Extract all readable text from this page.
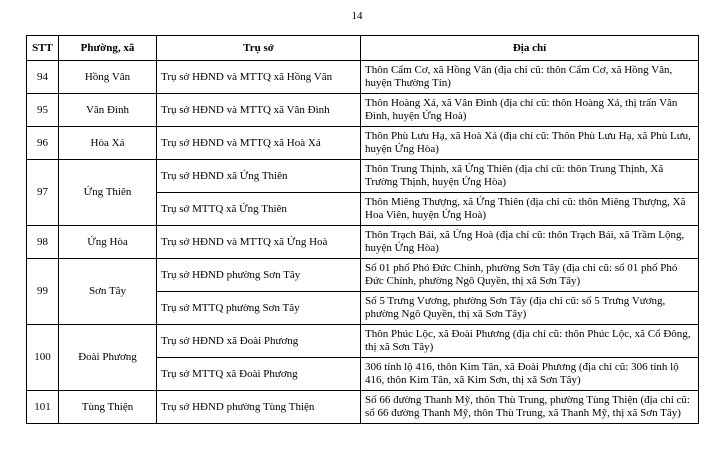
14
STT	Phường, xã	Trụ sở	Địa chỉ
94	Hồng Vân	Trụ sở HĐND và MTTQ xã Hồng Vân	Thôn Cẩm Cơ, xã Hồng Vân (địa chỉ cũ: thôn Cẩm Cơ, xã Hồng Vân, huyện Thường Tín)
95	Vân Đình	Trụ sở HĐND và MTTQ xã Vân Đình	Thôn Hoàng Xá, xã Vân Đình (địa chỉ cũ: thôn Hoàng Xá, thị trấn Vân Đình, huyện Ứng Hoà)
96	Hòa Xá	Trụ sở HĐND và MTTQ xã Hoà Xá	Thôn Phù Lưu Hạ, xã Hoà Xá (địa chỉ cũ: Thôn Phù Lưu Hạ, xã Phù Lưu, huyện Ứng Hòa)
97	Ứng Thiên	Trụ sở HĐND xã Ứng Thiên	Thôn Trung Thịnh, xã Ứng Thiên (địa chỉ cũ: thôn Trung Thịnh, Xã Trường Thịnh, huyện Ứng Hòa)
		Trụ sở MTTQ xã Ứng Thiên	Thôn Miêng Thượng, xã Ứng Thiên (địa chỉ cũ: thôn Miêng Thượng, Xã Hoa Viên, huyện Ứng Hoà)
98	Ứng Hòa	Trụ sở HĐND và MTTQ xã Ứng Hoà	Thôn Trạch Bái, xã Ứng Hoà (địa chỉ cũ: thôn Trạch Bái, xã Trầm Lộng, huyện Ứng Hòa)
99	Sơn Tây	Trụ sở HĐND phường Sơn Tây	Số 01 phố Phó Đức Chính, phường Sơn Tây (địa chỉ cũ: số 01 phố Phó Đức Chính, phường Ngô Quyền, thị xã Sơn Tây)
		Trụ sở MTTQ phường Sơn Tây	Số 5 Trưng Vương, phường Sơn Tây (địa chỉ cũ: số 5 Trưng Vương, phường Ngô Quyền, thị xã Sơn Tây)
100	Đoài Phương	Trụ sở HĐND xã Đoài Phương	Thôn Phúc Lộc, xã Đoài Phương (địa chỉ cũ: thôn Phúc Lộc, xã Cổ Đông, thị xã Sơn Tây)
		Trụ sở MTTQ xã Đoài Phương	306 tỉnh lộ 416, thôn Kim Tân, xã Đoài Phương (địa chỉ cũ: 306 tỉnh lộ 416, thôn Kim Tân, xã Kim Sơn, thị xã Sơn Tây)
101	Tùng Thiện	Trụ sở HĐND phường Tùng Thiện	Số 66 đường Thanh Mỹ, thôn Thù Trung, phường Tùng Thiện (địa chỉ cũ: số 66 đường Thanh Mỹ, thôn Thù Trung, xã Thanh Mỹ, thị xã Sơn Tây)
